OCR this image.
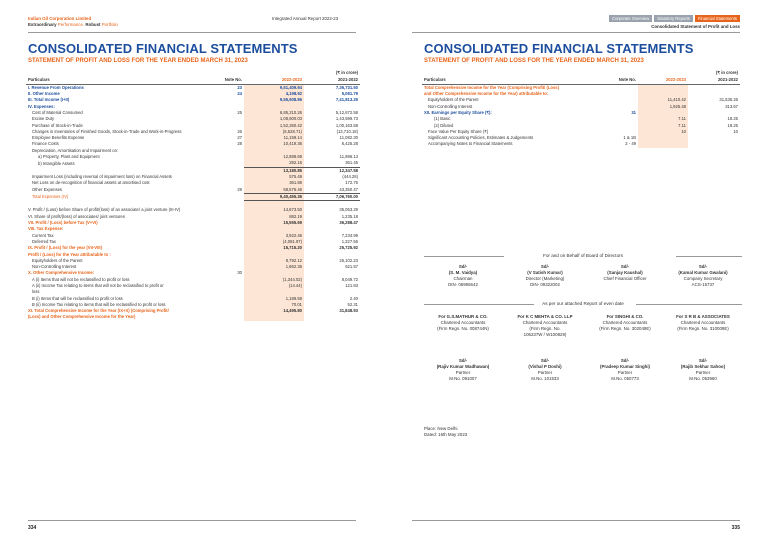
Indian Oil Corporation Limited
Extraordinary Performance. Robust Portfolio
Integrated Annual Report 2022-23
CONSOLIDATED FINANCIAL STATEMENTS
STATEMENT OF PROFIT AND LOSS FOR THE YEAR ENDED MARCH 31, 2023
			(₹ in crore)
Particulars	Note No.	2022-2023	2021-2022
I. Revenue From Operations	23	9,51,409.94	7,36,731.50
II. Other Income	24	4,198.92	5,081.79
III. Total Income (I+II)		9,55,608.86	7,41,813.29
IV. Expenses:			
Cost of Material Consumed	25	6,85,210.26	5,12,672.58
Excise Duty		1,08,600.03	1,43,599.73
Purchase of Stock-in-Trade		1,52,260.42	1,00,163.58
Changes in Inventories of Finished Goods, Stock-in-Trade and Work-in-Progress	26	(6,528.71)	(13,710.18)
Employee Benefits Expense	27	11,159.14	11,082.30
Finance Costs	28	10,419.36	6,425.28
Depreciation, Amortisation and Impairment on:			
a) Property, Plant and Equipment		12,888.69	11,986.13
b) Intangible Assets		292.16	361.45
		13,180.85	12,347.58
Impairment Loss (including reversal of impairment loss) on Financial Assets		575.49	(444.28)
Net Loss on de-recognition of financial assets at amortised cost		361.86	172.75
Other Expenses	29	58,576.46	43,350.47
Total Expenses (IV)		9,40,455.36	7,06,760.00

V. Profit / (Loss) before Share of profit/(loss) of an associate/ a joint venture (III-IV)		14,673.50	35,053.29
VI. Share of profit/(loss) of associates/ joint ventures		882.19	1,235.18
VII. Profit / (Loss) before Tax (V+VI)		15,555.69	36,288.47
VIII. Tax Expense:			
Current Tax		3,922.46	7,234.99
Deferred Tax		(4,081.97)	1,327.56
IX. Profit / (Loss) for the year (VII-VIII)		15,715.20	25,725.92
Profit / (Loss) for the Year attributable to :			
Equityholders of the Parent		8,792.12	25,102.23
Non-Controlling Interest		1,862.36	621.57
X. Other Comprehensive Income:	30		
A (i) Items that will not be reclassified to profit or loss		(1,344.02)	8,049.72
A (ii) Income Tax relating to items that will not be reclassified to profit or		(14.44)	121.83
loss			
B (i) Items that will be reclassified to profit or loss		1,189.59	2.40
B (ii) Income Tax relating to items that will be reclassified to profit or loss		70.01	52.31
XI. Total Comprehensive Income for the Year (IX+X) (Comprising Profit/		14,495.80	31,848.93
(Loss) and Other Comprehensive Income for the Year)			
334
Corporate Overview	Statutory Reports	Financial Statements
Consolidated Statement of Profit and Loss
CONSOLIDATED FINANCIAL STATEMENTS
STATEMENT OF PROFIT AND LOSS FOR THE YEAR ENDED MARCH 31, 2023
			(₹ in crore)
Particulars	Note No.	2022-2023	2021-2022
Total Comprehensive Income for the Year (Comprising Profit/ (Loss)			
and Other Comprehensive Income for the Year) attributable to:			
Equityholders of the Parent		11,410.42	31,535.26
Non-Controlling Interest		1,925.48	313.67
XII. Earnings per Equity Share (₹):	31		
(1) Basic		7.11	18.25
(2) Diluted		7.11	18.25
Face Value Per Equity Share (₹)		10	10
Significant Accounting Policies, Estimates & Judgements	1 & 1B		
Accompanying Notes to Financial Statements	2 - 49		
335
For and on Behalf of Board of Directors
Sd/-
(S. M. Vaidya)
Chairman
DIN- 06995642
Sd/-
(V Satish Kumar)
Director (Marketing)
DIN- 09322002
Sd/-
(Sanjay Kaushal)
Chief Financial Officer
Sd/-
(Kamal Kumar Gwalani)
Company Secretary
ACS-15737
As per our attached Report of even date
For G.S.MATHUR & CO.
Chartered Accountants
(Firm Regn. No. 008744N)
For K C MEHTA & CO. LLP
Chartered Accountants
(Firm Regn. No.
106237W / W100829)
For SINGHI & CO.
Chartered Accountants
(Firm Regn. No. 302049E)
For S R B & ASSOCIATES
Chartered Accountants
(Firm Regn. No. 310009E)
Sd/-
(Rajiv Kumar Wadhawan)
Partner
M.No. 091007
Sd/-
(Vishal P Doshi)
Partner
M.No. 101533
Sd/-
(Pradeep Kumar Singhi)
Partner
M.No. 050773
Sd/-
(Rajib Sekhar Sahoo)
Partner
M.No. 053960
Place: New Delhi
Dated: 16th May 2023
